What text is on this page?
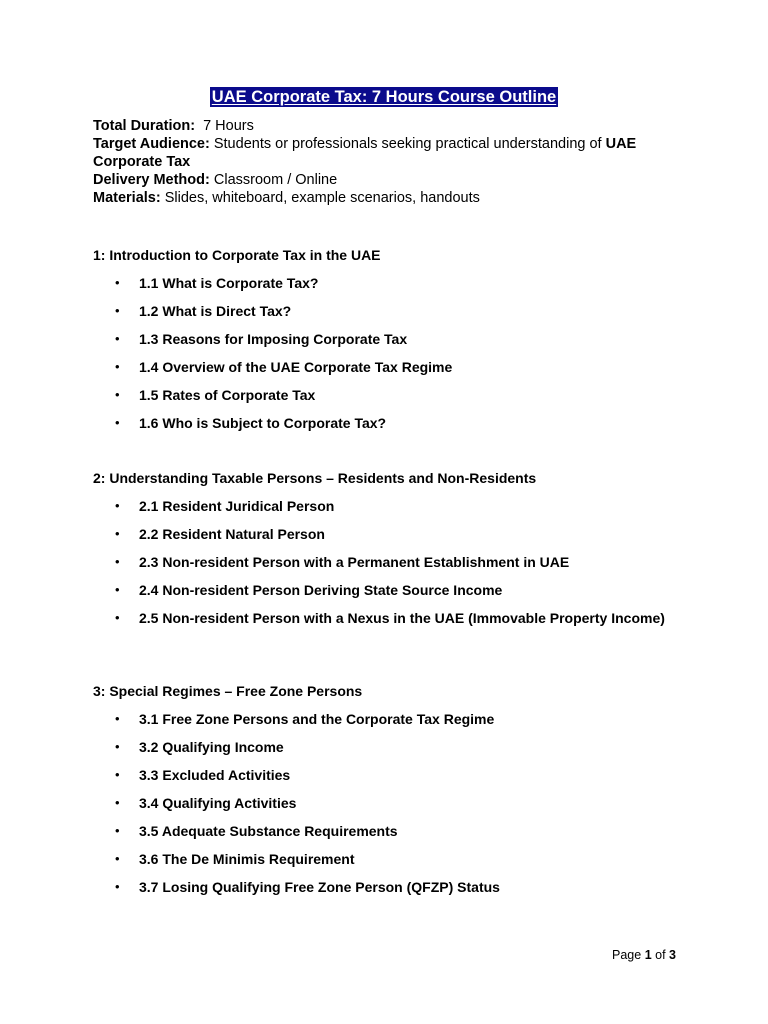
UAE Corporate Tax: 7 Hours Course Outline

Total Duration: 7 Hours

Target Audience: Students or professionals seeking practical understanding of UAE Corporate Tax

Delivery Method: Classroom / Online

Materials: Slides, whiteboard, example scenarios, handouts

1: Introduction to Corporate Tax in the UAE

• 1.1 What is Corporate Tax?
• 1.2 What is Direct Tax?
• 1.3 Reasons for Imposing Corporate Tax
• 1.4 Overview of the UAE Corporate Tax Regime
• 1.5 Rates of Corporate Tax
• 1.6 Who is Subject to Corporate Tax?

2: Understanding Taxable Persons – Residents and Non-Residents

• 2.1 Resident Juridical Person
• 2.2 Resident Natural Person
• 2.3 Non-resident Person with a Permanent Establishment in UAE
• 2.4 Non-resident Person Deriving State Source Income
• 2.5 Non-resident Person with a Nexus in the UAE (Immovable Property Income)

3: Special Regimes – Free Zone Persons

• 3.1 Free Zone Persons and the Corporate Tax Regime
• 3.2 Qualifying Income
• 3.3 Excluded Activities
• 3.4 Qualifying Activities
• 3.5 Adequate Substance Requirements
• 3.6 The De Minimis Requirement
• 3.7 Losing Qualifying Free Zone Person (QFZP) Status
Page 1 of 3
